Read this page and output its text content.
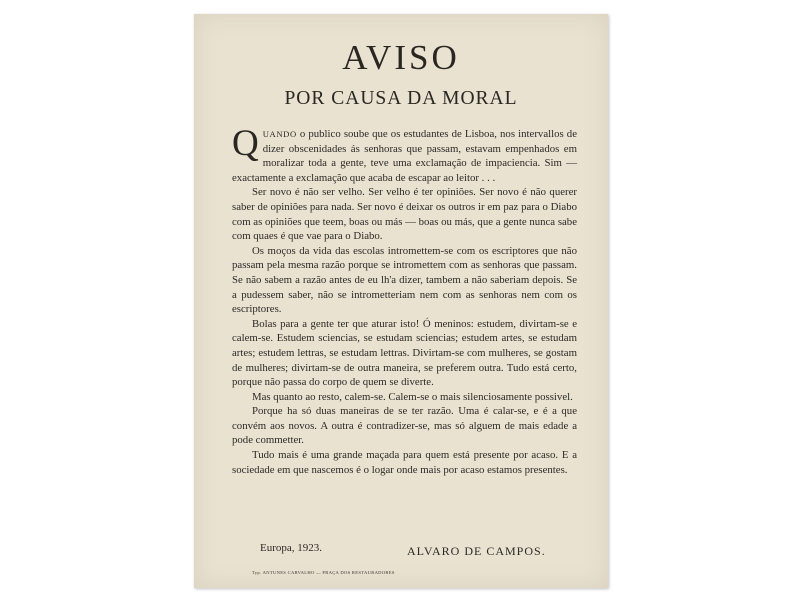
AVISO
POR CAUSA DA MORAL

QUANDO o publico soube que os estudantes de Lisboa, nos intervallos de dizer obscenidades ás senhoras que passam, estavam empenhados em moralizar toda a gente, teve uma exclamação de impaciencia. Sim — exactamente a exclamação que acaba de escapar ao leitor . . .

Ser novo é não ser velho. Ser velho é ter opiniões. Ser novo é não querer saber de opiniões para nada. Ser novo é deixar os outros ir em paz para o Diabo com as opiniões que teem, boas ou más — boas ou más, que a gente nunca sabe com quaes é que vae para o Diabo.

Os moços da vida das escolas intromettem-se com os escriptores que não passam pela mesma razão porque se intromettem com as senhoras que passam. Se não sabem a razão antes de eu lh'a dizer, tambem a não saberiam depois. Se a pudessem saber, não se intrometteriam nem com as senhoras nem com os escriptores.

Bolas para a gente ter que aturar isto! Ó meninos: estudem, divirtam-se e calem-se. Estudem sciencias, se estudam sciencias; estudem artes, se estudam artes; estudem lettras, se estudam lettras. Divirtam-se com mulheres, se gostam de mulheres; divirtam-se de outra maneira, se preferem outra. Tudo está certo, porque não passa do corpo de quem se diverte.

Mas quanto ao resto, calem-se. Calem-se o mais silenciosamente possivel.

Porque ha só duas maneiras de se ter razão. Uma é calar-se, e é a que convém aos novos. A outra é contradizer-se, mas só alguem de mais edade a pode commetter.

Tudo mais é uma grande maçada para quem está presente por acaso. E a sociedade em que nascemos é o logar onde mais por acaso estamos presentes.

Europa, 1923.	ALVARO DE CAMPOS.
Typ. ANTUNES CARVALHO — PRAÇA DOS RESTAURADORES
